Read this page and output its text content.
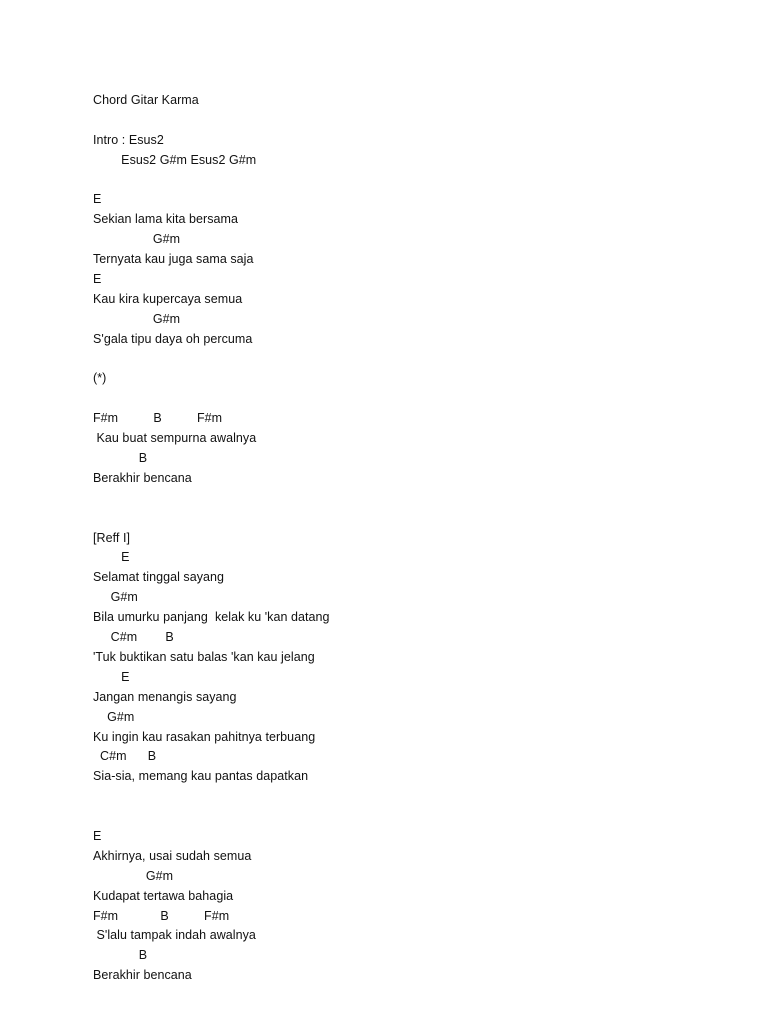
Chord Gitar Karma
Intro : Esus2
Esus2 G#m Esus2 G#m
E
Sekian lama kita bersama
G#m
Ternyata kau juga sama saja
E
Kau kira kupercaya semua
G#m
S'gala tipu daya oh percuma
(*)
F#m          B          F#m
Kau buat sempurna awalnya
B
Berakhir bencana
[Reff I]
E
Selamat tinggal sayang
G#m
Bila umurku panjang  kelak ku 'kan datang
C#m        B
'Tuk buktikan satu balas 'kan kau jelang
E
Jangan menangis sayang
G#m
Ku ingin kau rasakan pahitnya terbuang
C#m      B
Sia-sia, memang kau pantas dapatkan
E
Akhirnya, usai sudah semua
G#m
Kudapat tertawa bahagia
F#m            B          F#m
S'lalu tampak indah awalnya
B
Berakhir bencana
